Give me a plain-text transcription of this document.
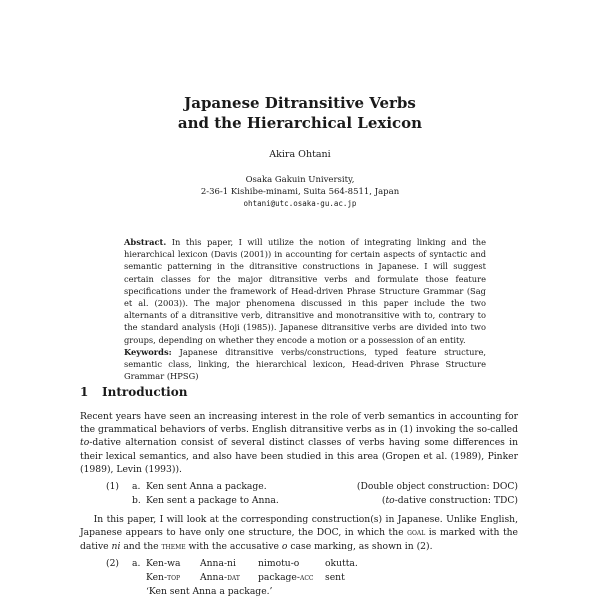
Japanese Ditransitive Verbs
and the Hierarchical Lexicon
Akira Ohtani
Osaka Gakuin University,
2-36-1 Kishibe-minami, Suita 564-8511, Japan
ohtani@utc.osaka-gu.ac.jp
Abstract. In this paper, I will utilize the notion of integrating linking and the hierarchical lexicon (Davis (2001)) in accounting for certain aspects of syntactic and semantic patterning in the ditransitive constructions in Japanese. I will suggest certain classes for the major ditransitive verbs and formulate those feature specifications under the framework of Head-driven Phrase Structure Grammar (Sag et al. (2003)). The major phenomena discussed in this paper include the two alternants of a ditransitive verb, ditransitive and monotransitive with to, contrary to the standard analysis (Hoji (1985)). Japanese ditransitive verbs are divided into two groups, depending on whether they encode a motion or a possession of an entity.
Keywords: Japanese ditransitive verbs/constructions, typed feature structure, semantic class, linking, the hierarchical lexicon, Head-driven Phrase Structure Grammar (HPSG)
1 Introduction
Recent years have seen an increasing interest in the role of verb semantics in accounting for the grammatical behaviors of verbs. English ditransitive verbs as in (1) invoking the so-called to-dative alternation consist of several distinct classes of verbs having some differences in their lexical semantics, and also have been studied in this area (Gropen et al. (1989), Pinker (1989), Levin (1993)).
(1) a. Ken sent Anna a package.	(Double object construction: DOC)
b. Ken sent a package to Anna.	(to-dative construction: TDC)
In this paper, I will look at the corresponding construction(s) in Japanese. Unlike English, Japanese appears to have only one structure, the DOC, in which the goal is marked with the dative ni and the theme with the accusative o case marking, as shown in (2).
(2) a. Ken-wa Anna-ni nimotu-o	okutta.
Ken-top Anna-dat package-acc sent
‘Ken sent Anna a package.’
